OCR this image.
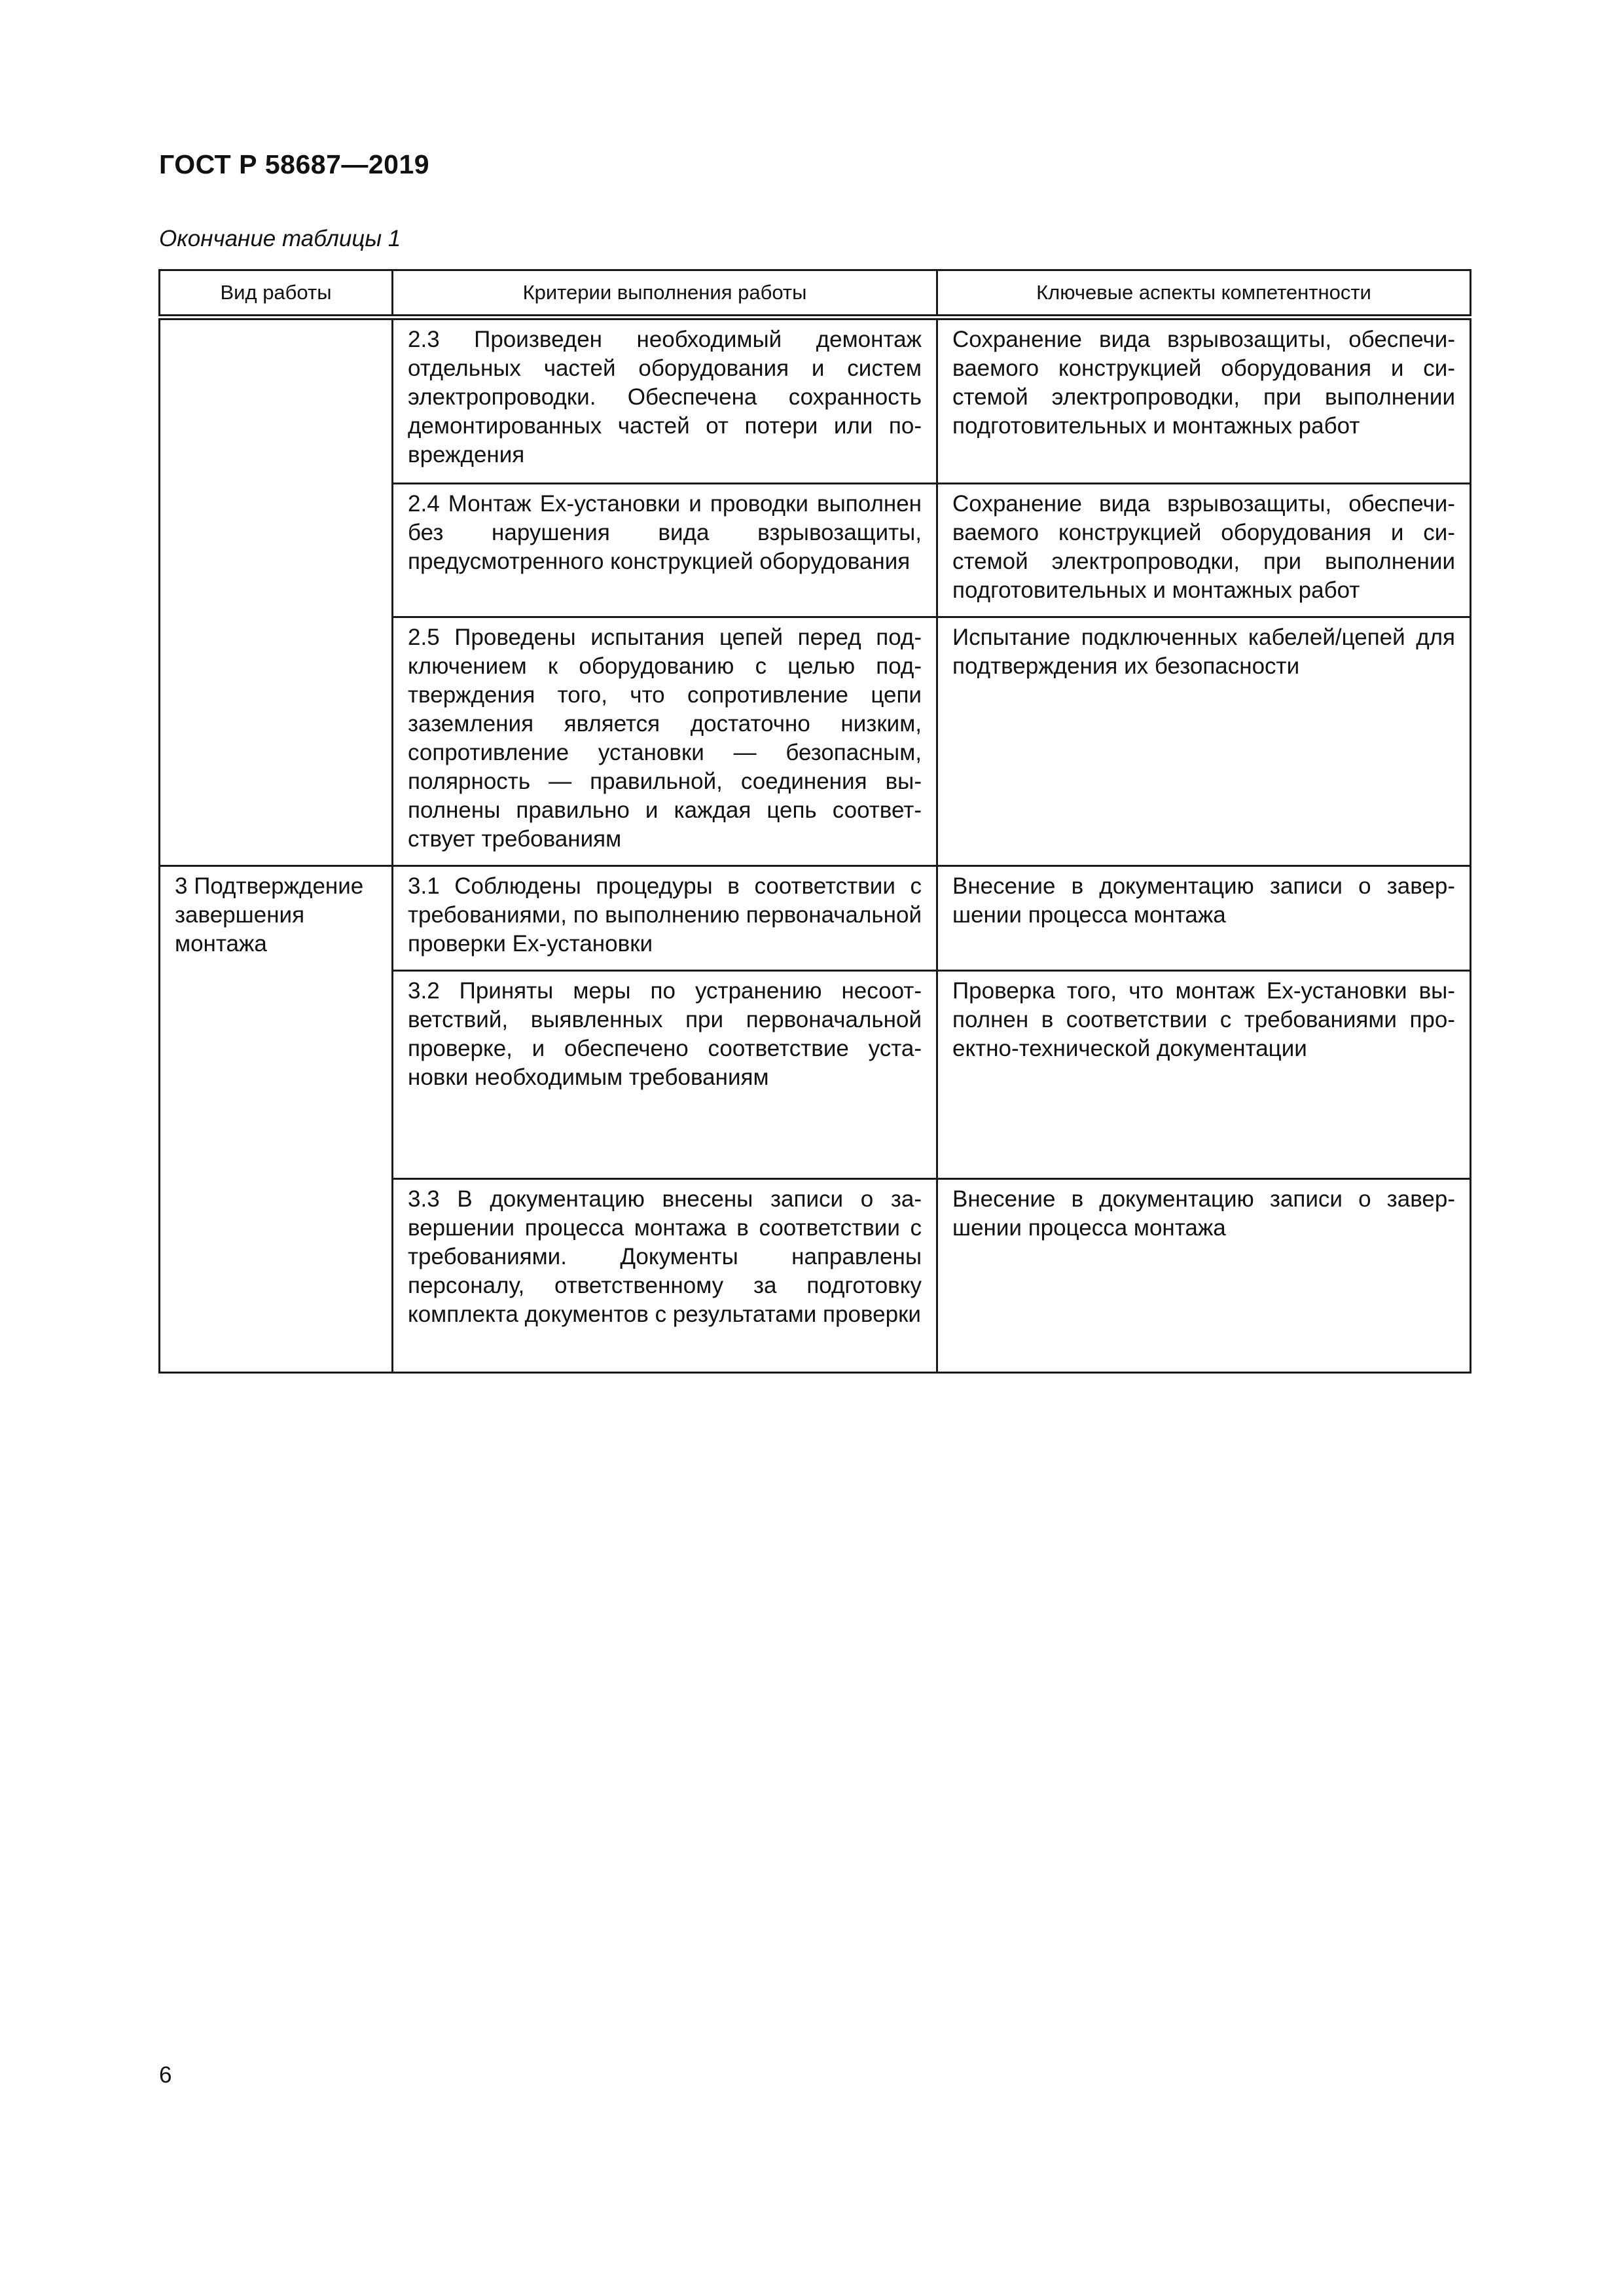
ГОСТ Р 58687—2019
Окончание таблицы 1
Вид работы	Критерии выполнения работы	Ключевые аспекты компетентности
	2.3 Произведен необходимый демонтаж отдельных частей оборудования и систем электропроводки. Обеспечена сохранность демонтированных частей от потери или повреждения	Сохранение вида взрывозащиты, обеспечиваемого конструкцией оборудования и системой электропроводки, при выполнении подготовительных и монтажных работ
	2.4 Монтаж Ex-установки и проводки выполнен без нарушения вида взрывозащиты, предусмотренного конструкцией оборудования	Сохранение вида взрывозащиты, обеспечиваемого конструкцией оборудования и системой электропроводки, при выполнении подготовительных и монтажных работ
	2.5 Проведены испытания цепей перед подключением к оборудованию с целью подтверждения того, что сопротивление цепи заземления является достаточно низким, сопротивление установки — безопасным, полярность — правильной, соединения выполнены правильно и каждая цепь соответствует требованиям	Испытание подключенных кабелей/цепей для подтверждения их безопасности
3 Подтверждение завершения монтажа	3.1 Соблюдены процедуры в соответствии с требованиями, по выполнению первоначальной проверки Ex-установки	Внесение в документацию записи о завершении процесса монтажа
	3.2 Приняты меры по устранению несоответствий, выявленных при первоначальной проверке, и обеспечено соответствие установки необходимым требованиям	Проверка того, что монтаж Ex-установки выполнен в соответствии с требованиями проектно-технической документации
	3.3 В документацию внесены записи о завершении процесса монтажа в соответствии с требованиями. Документы направлены персоналу, ответственному за подготовку комплекта документов с результатами проверки	Внесение в документацию записи о завершении процесса монтажа
6
